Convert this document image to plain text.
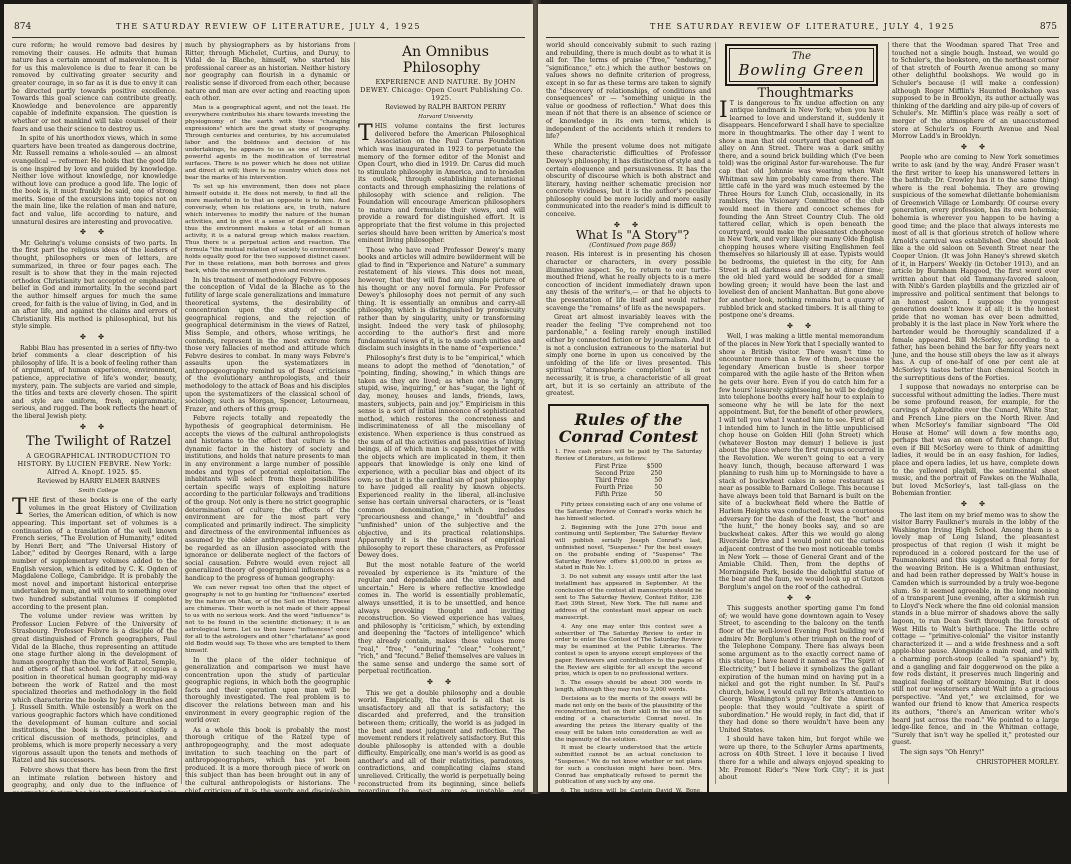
874	THE SATURDAY REVIEW OF LITERATURE, JULY 4, 1925

cure reform; he would remove bad desires by removing their causes. He admits that human nature has a certain amount of malevolence. It is for us this malevolence is due to fear it can be removed by cultivating greater security and greater courage, in so far as it is due to envy it can be directed partly towards positive excellence. Towards this goal science can contribute greatly. Knowledge and benevolence are apparently capable of indefinite expansion. The question is whether or not mankind will take counsel of their fears and use their science to destroy us.

In spite of his unorthodox views, which in some quarters have been treated as dangerous doctrine, Mr. Russell remains a whole-souled — an almost evangelical — reformer. He holds that the good life is one inspired by love and guided by knowledge. Neither love without knowledge, nor knowledge without love can produce a good life. The logic of the book is, it must frankly be said, one of strong merits. Some of the excursions into topics not on the main line, like the relation of man and nature, fact and value, life according to nature, and unnatural desires are interesting and provocative.

✤ ✤

Mr. Gehring's volume consists of two parts. In the first part the religious ideas of the leaders of thought, philosophers or men of letters, are summarized, in three or four pages each. The result is to show that they in the main rejected orthodox Christianity but accepted or emphasized belief in God and immortality. In the second part the author himself argues for much the same creed, for faith is the value of living, in God, and in an after life, and against the claims and errors of Christianity. His method is philosophical, but his style simple.

✤ ✤

Rabbi Blau has presented in a series of fifty-two brief comments a clear description of his philosophy of life. It is a book of feeling rather than of argument, of human experience, environment, patience, appreciative of life's wonder, beauty, mystery, pain. The subjects are varied and simple, the titles and texts are cleverly chosen. The spirit and style are uniform, fresh, epigrammatic, serious, and rugged. The book reflects the heart of the liberal Jewish piety.

✤ ✤

The Twilight of Ratzel

A GEOGRAPHICAL INTRODUCTION TO HISTORY. By LUCIEN FEBVRE. New York: Alfred A. Knopf. 1925. $5.

Reviewed by HARRY ELMER BARNES

Smith College

THE first of these books is one of the early volumes in the great History of Civilization Series, the American edition, of which is now appearing. This important set of volumes is a continuation of a translation of the well known French series, "The Evolution of Humanity," edited by Henri Berr, and "The Universal History of Labor," edited by Georges Renard, with a large number of supplementary volumes added to the English version, which is edited by C. K. Ogden of Magdalene College, Cambridge. It is probably the most novel and important historical enterprise undertaken by man, and will run to something over two hundred substantial volumes if completed according to the present plan.

The volume under review was written by Professor Lucien Febvre of the University of Strasbourg. Professor Febvre is a disciple of the great distinguished of French geographers, Paul Vidal de la Blache, thus representing an attitude one stage further along in the development of human geography than the work of Ratzel, Semple, and others of that school. In fact, it occupies a position in theoretical human geography mid-way between the work of Ratzel and the most specialized theories and methodology in the field which characterize the books by Jean Brunhes and J. Russell Smith. While ostensibly a work on the various geographic factors which have conditioned the development of human culture and social institutions, the book is throughout chiefly a critical discussion of methods, principles, and problems, which is more properly necessary a very vigorous assault upon the tenets and methods of Ratzel and his successors.

Febvre shows that there has been from the first an intimate relation between history and geography, and only due to the influence of geographic factors has history developed, but also as a result of the fact that human geography was early founded at so

much by physiographers as by historians from Ritter, through Michelet, Curtius, and Duruy, to Vidal de la Blache, himself, who started his professional career as an historian. Neither history nor geography can flourish in a dynamic or realistic sense if divorced from each other, because nature and man are ever acting and reacting upon each other.

Man is a geographical agent, and not the least. He everywhere contributes his share towards investing the physiognomy of the earth with those "changing expressions" which are the great study of geography. Through centuries and centuries, by his accumulated labor and the boldness and decision of his undertakings, he appears to us as one of the most powerful agents in the modification of terrestrial surfaces. There is no power which he does not utilize and direct at will; there is no country which does not bear the marks of his intervention.

To set up his environment, then does not place himself outside it. He does not merely, to find all the more masterful in to that an opposite is to him. And conversely, when his relations are, in truth, nature which intervenes to modify the nature of the human activities, and to give it a sense of dependence. It is thus the environment makes a total of all human activity, it is a natural group which makes reaction. Thus there is a perpetual action and reaction. The formula "the mutual relation of society to environment" holds equally good for the two supposed distinct cases. For in these relations, man both borrows and gives back, while the environment gives and receives.

In his treatment of methodology Febvre opposes the conception of Vidal de la Blache as to the futility of large scale generalizations and immature theoretical systems, the desirability of concentration upon the study of specific geographical regions, and the rejection of geographical determinism in the views of Ratzel, Miss Semple, and others, whose writings, he contends, represent in the most extreme form those very fallacies of method and attitude which Febvre desires to combat. In many ways Febvre's assaults upon the systematizers in anthropogeography remind us of Boas' criticisms of the evolutionary anthropologists, and their methodology to the attack of Boas and his disciples upon the systematizers of the classical school of sociology, such as Morgan, Spencer, Letourneau, Frazer, and others of this group.

Febvre rejects totally and repeatedly the hypothesis of geographical determinism. He accepts the views of the cultural anthropologists and historians to the effect that culture is the dynamic factor in the history of society and institutions, and holds that nature presents to man in any environment a large number of possible modes and types of potential exploitation. The inhabitants will select from these possibilities certain specific ways of exploiting nature according to the particular folkways and traditions of the group. Not only is there no strict geographic determination of culture; the effects of the environment are for the most part very complicated and primarily indirect. The simplicity and directness of the environmental influences as assumed by the older anthropogeographers must be regarded as an illusion associated with the ignorance or deliberate neglect of the factors of social causation. Febvre would even reject all generalized theory of geographical influences as a handicap to the progress of human geography:

We can never repeat too often that the object of geography is not to go hunting for "influences" exerted by the nature on Man, or of the Soil on History. These are chimeras. Their worth is not made of their appeal to us with no serious work. And the word "influence" is not to be found in the scientific dictionary; it is an astrological term. Let us then leave "influences" once for all to the astrologers and other "charlatans" as good old Bodin would say. To those who are tempted to them himself.

In the place of the older technique of generalization and comparison we must have concentration upon the study of particular geographic regions, in which both the geographic facts and their operation upon man will be thoroughly investigated. The real problem is to discover the relations between man and his environment in every geographic region of the world over.

As a whole this book is probably the most thorough critique of the Ratzel type of anthropogeography, and the most adequate invitation to such teaching on the part of anthropogeographers, which has yet been produced. It is a more thorough piece of work on this subject than has been brought out in any of the cultural anthropologists or historians. The chief criticism of it is the wordy and discipleship and Gallicanism which renders it prior nearly every page. Vidal de la Blache was a great geographer and rendered signal service to his field, but promise of the future in this field of work, but Ferdinand von Richthofen was certainly the equal of Vidal, and the Germans have done much more in the field of regional geography than the French, when they work outside of Europe is considered.

An Omnibus Philosophy

EXPERIENCE AND NATURE. By JOHN DEWEY. Chicago: Open Court Publishing Co. 1925.

Reviewed by RALPH BARTON PERRY

Harvard University

THIS volume contains the first lectures delivered before the American Philosophical Association on the Paul Carus Foundation which was inaugurated in 1923 to perpetuate the memory of the former editor of the Monist and Open Court, who died in 1919. Dr. Carus did much to stimulate philosophy in America, and to broaden its outlook, through establishing international contacts and through emphasizing the relations of philosophy with science and religion. The Foundation will encourage American philosophers to mature and formulate their views, and will provide a reward for distinguished effort. It is appropriate that the first volume in this projected series should have been written by America's most eminent living philosopher.

Those who have read Professor Dewey's many books and articles will admire bewilderment will be glad to find in "Experience and Nature" a summary restatement of his views. This does not mean, however, that they will find any simple picture of his thought or any novel formula. For Professor Dewey's philosophy does not permit of any such thing. It is essentially an omnibus and carry-all philosophy, which is distinguished by promiscuity rather than by singularity, unity or transforming insight. Indeed the very task of philosophy, according to the author's first and more fundamental views of it, is to undo such unities and disclaim such insights in the name of "experience."

Philosophy's first duty is to be "empirical," which means to adopt the method of "denotation," of "pointing, finding, showing," in which things are taken as they are lived; as when one is "angry, stupid, wise, inquiring," or has "sugar, the light of day, money, houses and lands, friends, laws, masters, subjects, pain and joy." Empiricism in this sense is a sort of initial innocence of sophisticated method, which restores the concreteness and indiscriminateness of all the miscellany of existence. When experience is thus construed as the sum of all the activities and passivities of living beings, all of which man is capable, together with the objects which are implicated in them, it then appears that knowledge is only one kind of experience, with a peculiar bias and object of its own; so that it is the cardinal sin of past philosophy to have judged all reality by known objects. Experienced reality in the liberal, all-inclusive sense has certain universal characters, or is "least common denomination," which includes "precariousness and change," in "doubtful" and "unfinished" union of the subjective and the objective, and its practical relationships. Apparently it is the business of empirical philosophy to report these characters, as Professor Dewey does.

But the most notable feature of the world revealed by experience is its "mixture of the regular and dependable and the unsettled and uncertain." Here is where reflective knowledge comes in. The world is essentially problematic, always unsettled, it is to be unsettled, and hence always provoking thought and inviting reconstruction. So viewed experience has values, and philosophy is "criticism," which, by extending and deepening the "factors of intelligence" which they already contain, makes these values more "real," "free," "enduring," "clear," "coherent," "rich," and "fecund." Belief themselves are values in the same sense and undergo the same sort of perpetual rectification.

✤ ✤

This we get a double philosophy and a double world. Empirically, the world is all that is unsatisfactory and all that is satisfactory; the discarded and preferred, and the transition between them; critically, the world is as judged in the best and most judgment and reflection. The movement renders it relatively satisfactory. But this double philosophy is attended with a double difficulty. Empirically, one man's world is as good as another's and all of their relativities, paradoxes, contradictions, and complicating claims stand unrelieved. Critically, the world is perpetually being reconstructed from its beginning, since beliefs regarding the past are as unstable and unsatisfactory as any other beliefs or values. Finally even though the

THE SATURDAY REVIEW OF LITERATURE, JULY 4, 1925	875

world should conceivably submit to such razing and rebuilding, there is much doubt as to what it is all for. The terms of praise ("free," "enduring," "significance," etc.) which the author bestows on values shows no definite criterion of progress, except in so far as these terms are taken to signify the "discovery of relationships, of conditions and consequences" or — "something unique in the value or goodness of reflection." What does this mean if not that there is an absence of science or of knowledge in its own terms, which is independent of the accidents which it renders to life?

While the present volume does not mitigate these characteristic difficulties of Professor Dewey's philosophy, it has distinction of style and a certain eloquence and persuasiveness. It has the obscurity of discourse which is both abstract and literary, having neither schematic precision nor concrete vividness, but it is the author's peculiar philosophy could be more lucidly and more easily communicated into the reader's mind is difficult to conceive.

✤ ✤

What Is "A Story"?

(Continued from page 869)

reason. His interest is in presenting his chosen character or characters, in every possible illuminative aspect. So, to return to our turtle-mouthed friend, what he really objects to is a mere concoction of incident immediately drawn upon any thesis of the writer's,— or that he objects to the presentation of life itself and would rather scavenge the "remains" of life as the newspapers.

Great art almost invariably leaves with the reader the feeling "I've comprehend not too pardonable," a feeling rarely enough instilled either by connected fiction or by journalism. And it is not a conclusion extraneous to the material but simply one borne in upon us conceived by the unfolding of the life or lives presented. This spiritual "atmospheric completion" is not necessarily, it is true, a characteristic of all great art, but it is so certainly an attribute of the greatest.

Rules of the Conrad Contest

1. Five cash prizes will be paid by The Saturday Review of Literature, as follows:

First Prize	$500
Second Prize	250
Third Prize	50
Fourth Prize	50
Fifth Prize	50

Fifty prizes consisting each of any one volume of the Saturday Review of Conrad's works which he has himself selected.

2. Beginning with the June 27th issue and continuing until September, The Saturday Review will publish serially Joseph Conrad's last, unfinished novel, "Suspense." For the best essays on the probable ending of "Suspense" The Saturday Review offers $1,000.00 in prizes as stated in Rule No. 1.

3. Do not submit any essays until after the last installment has appeared in September. At the conclusion of the contest all manuscripts should be sent to The Saturday Review, Contest Editor, 236 East 39th Street, New York. The full name and address of the contestant must appear on each manuscript.

4. Any one may enter this contest save a subscriber of The Saturday Review to order in order to enter the Contest of The Saturday Review may be examined at the Public Libraries. The contest is open to anyone except employees of the paper. Reviewers and contributors to the pages of the Review are eligible for all except the second prize, which is open to no professional writers.

5. The essays should be about 300 words in length, although they may run to 2,000 words.

Decisions as to the merits of the essays will be made not only on the basis of the plausibility of the reconstruction, but on their skill in the use of the ending of a characteristic Conrad novel. In awarding the prizes the literary quality of the essay will be taken into consideration as well as the ingenuity of the solution.

It must be clearly understood that the article submitted cannot be an actual conclusion to "Suspense." We do not know whether or not plans for such a conclusion might have been. Mrs. Conrad has emphatically refused to permit the publication of any such by any one.

6. The judges will be Captain David W. Bone, Joseph Hergesheimer, and Professor William Lyon Phelps. Their decision will be final.

7. The contest closes on September 15th, 1925. Manuscripts must be in the office of The Saturday Review before midnight of that date.

The
Bowling Green

Thoughtmarks

I T is dangerous to fix undue affection on any antique landmark in New York; when you have learned to love and understand it, suddenly it disappears. Henceforward I shall have to specialize more in thoughtmarks. The other day I went to show a man that old courtyard that opened off an alley on Ann Street. There was a dark smithy there, and a sound brick building which (I've been told) was the original Astor fur-warehouse. The fur cap that old Johnnie was wearing when Walt Whitman saw him probably came from there. The little café in the yard was much esteemed by the Three Hours for Lunch Club, occasionally, in its ramblers, the Visionary Committee of the club would meet in there and concoct schemes for founding the Ann Street Country Club. The old tattered cellar, which is open beneath the courtyard, would make the pleasantest chophouse in New York, and very likely our many Olde English chopping houses where visiting Englishmen feel themselves so hilariously ill at ease. Typists would be bedrooms, the quietest in the city, for Ann Street is all darkness and dreary at dinner time; the old bled yard would be sodded for a small bowling green; it would have been the last and loveliest den of ancient Manhattan. But gone above for another look, nothing remains but a quarry of rubbled brick and stacked timbers. It is all thing to postpone one's dreams.

✤ ✤

Well, I was making a little mental memorandum of the places in New York that I specially wanted to show a British visitor. There wasn't time to encounter more than a few of them, because the legendary American bustle is sheer torpor compared with the agile haste of the Briton when he gets over here. Even if you do catch him for a few hours' leisurely sightseeing, he will be dodging into telephone booths every half hour to explain to someone why he will be late for the next appointment. But, for the benefit of other prowlers, I will tell you what I wanted him to see. First of all I intended him to lunch in the little unpublicised chop house on Golden Hill (John Street) which (whatever Boston may demur) I believe is just about the place where the first rumpus occurred in the Revolution. We weren't going to eat a very heavy lunch, though, because afterward I was planning to rush him up to Morningside to have a stack of buckwheat cakes in some restaurant as near as possible to Barnard College. This because I have always been told that Barnard is built on the site of a buckwheat field where the Battle of Harlem Heights was conducted. It was a courteous adversary for the dash of the feast, the "hot" and "the hunt," the honey books say, and so are buckwheat cakes. After this we would go along Riverside Drive and I would point out the curious adjacent contrast of the two most noticeable tombs in New York — those of General Grant and of the Amiable Child. Then, from the depths of Morningside Park, beside the delightful statue of the bear and the faun, we would look up at Gutzon Borglum's angel on the roof of the cathedral.

✤ ✤

This suggests another sporting game I'm fond of; we would have gone downtown again to Vesey Street, to ascending to the balcony on the tenth floor of the well-loved Evening Post building we'd admire Mr. Borglum's other triumph on the roof of the Telephone Company. There has always been some argument as to the exactly correct name of this statue; I have heard it named as "The Spirit of Electricity," but I believe it symbolizes the gallant expiration of the human mind on having put in a nickel and got the right number. In St. Paul's church, below, I would call my Briton's attention to George Washington's prayer for the American people: that they would "cultivate a spirit of subordination." He would reply, in fact did, that if they had done so there wouldn't have been any United States.

I should have taken him, but forgot while we were up there, to the Schuyler Arms apartments, across on 40th Street. I love it because I lived there for a while and always enjoyed speaking to Mr. Fremont Rider's "New York City"; it is just about

there that the Woodman spared That Tree and touched not a single bough. Instead, we would go to Schuler's, the bookstore, on the northeast corner of that stretch of Fourth Avenue among so many other delightful bookshops. We would go in Schuler's because (I will make a confession) although Roger Mifflin's Haunted Bookshop was supposed to be in Brooklyn, its author actually was thinking of the darkling and airy pile-up of covers of Schuler's. Mr. Mifflin's place was really a sort of merger of the atmosphere of an unaccustomed store at Schuler's on Fourth Avenue and Neal Morrow Ladd's in Brooklyn.

✤ ✤

People who are coming to New York sometimes write to ask (and by the way, André Fraser wasn't the first writer to keep his unanswered letters in the bathtub; Dr. Crowley has it to the same thing) where is the real bohemia. They are growing suspicious of the somewhat dilettante bohemianism of Greenwich Village or Lombardy. Of course every generation, every profession, has its own bohemia; bohemia is wherever you happen to be having a good time; and the place that always interests me most of all is that glorious stretch of hollow where Arnold's carnival was established. One should look like a the old saloon on Seventh Street near the Cooper Union. (It was John Haney's shrewd sketch of it, in Harpers' Weekly (in October 1913), and an article by Burnham Hapgood, the first word ever written about that old Tammany-favored saloon, with Nibb's Garden playbills and the grizzled air of impressive and political sentiment that belongs to an honest saloon. I suppose the youngest generation doesn't know it at all; it is the honest pride that no woman has ever been admitted, probably it is the last place in New York where the bartender would be thoroughly scandalized if a female appeared. Bill McSorley, according to a father, has been behind the bar for fifty years next June, and the house still obeys the law as it always has. A cup of one-half of one per cent ale at McSorley's tastes better than chemical Scotch in the surreptitious dens of the Forties.

I suppose that nowadays no enterprise can be successful without admitting the ladies. There must be some profound reason, for example, for the carvings of Aphrodite over the Cunard, White Star, and French Line piers on the North River. And when McSorley's familiar signboard "The Old House at Home" will down a few months ago, perhaps that was an omen of future change. But even if Bill McSorley were to think of admitting ladies, it would be in an easy fashion, for ladies, place and opera ladies, let us have, complete down to the yellowed playbill, the sentimental sheet music, and the portrait of Fawkes on the Walhalla, but loved McSorley's, last tall-glass on the Bohemian frontier.

✤ ✤

The last item on my brief memo was to show the visitor Barry Faulkner's murals in the lobby of the Washington Irving High School. Among them is a lovely map of Long Island, the pleasantest prospectus of that region (I wish it might be reproduced in a colored postcard for the use of Paumanokers) and this suggested a final foray for the weaving Briton. He is a Whitman enthusiast, and had been rather depressed by Walt's house in Camden which is surrounded by a truly woe-begone slum. So it seemed agreeable, in the long nooning of a transparent June evening, after a skirmish run to Lloyd's Neck where the fine old colonial mansion stands in a blue mirror of shadows above the sally lagoon, to run Dean Swift through the forests of West Hills to Walt's birthplace. The little ochre cottage — "primitive-colonial" the visitor instantly characterized it — and a wide freshness and a soft apple-blue pause. Alongside a main road, and with a charming porch-stoop (called "a spaniard") by, and a gangling and fair doggerwood on the pike a few rods distant, it preserves much lingering and magical feeling of solitary blooming. But it does still not our westerners about Walt into a gracious perspective. "And yet," we exclaimed, for we wanted our friend to know that America respects its authors, "there's an American writer who's heard just across the road." We pointed to a large ledge-like fence, and in the Whitman cottage, "Surely that isn't way he spelled it," protested our guest.

The sign says "Oh Henry!"

CHRISTOPHER MORLEY.
